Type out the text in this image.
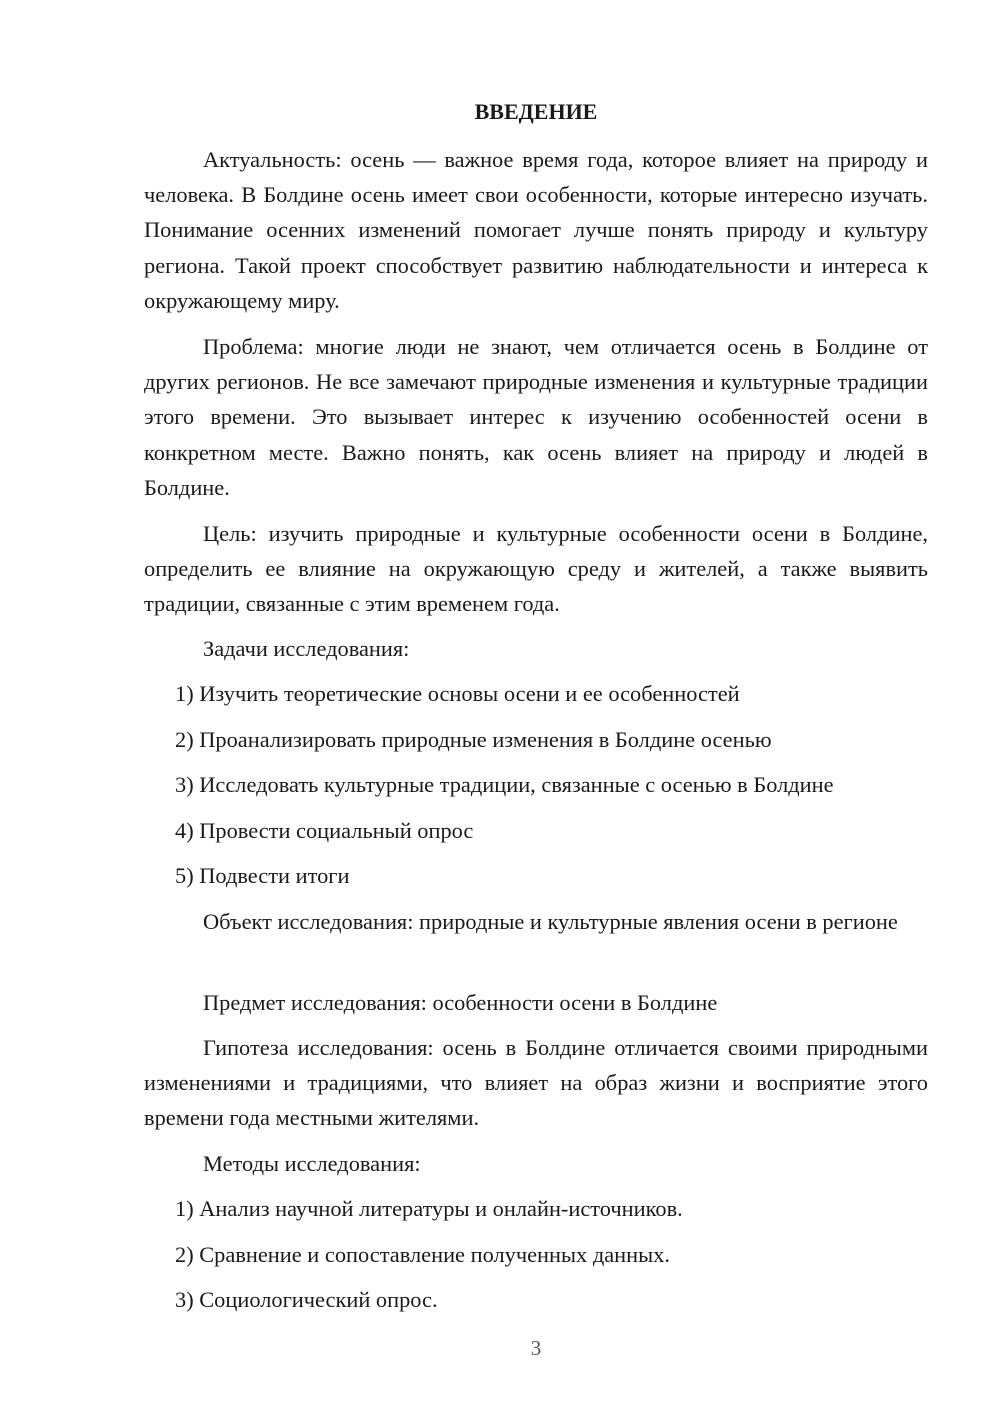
ВВЕДЕНИЕ

Актуальность: осень — важное время года, которое влияет на природу и человека. В Болдине осень имеет свои особенности, которые интересно изучать. Понимание осенних изменений помогает лучше понять природу и культуру региона. Такой проект способствует развитию наблюдательности и интереса к окружающему миру.

Проблема: многие люди не знают, чем отличается осень в Болдине от других регионов. Не все замечают природные изменения и культурные традиции этого времени. Это вызывает интерес к изучению особенностей осени в конкретном месте. Важно понять, как осень влияет на природу и людей в Болдине.

Цель: изучить природные и культурные особенности осени в Болдине, определить ее влияние на окружающую среду и жителей, а также выявить традиции, связанные с этим временем года.

Задачи исследования:

1) Изучить теоретические основы осени и ее особенностей

2) Проанализировать природные изменения в Болдине осенью

3) Исследовать культурные традиции, связанные с осенью в Болдине

4) Провести социальный опрос

5) Подвести итоги

Объект исследования: природные и культурные явления осени в регионе

Предмет исследования: особенности осени в Болдине

Гипотеза исследования: осень в Болдине отличается своими природными изменениями и традициями, что влияет на образ жизни и восприятие этого времени года местными жителями.

Методы исследования:

1) Анализ научной литературы и онлайн-источников.

2) Сравнение и сопоставление полученных данных.

3) Социологический опрос.

3
